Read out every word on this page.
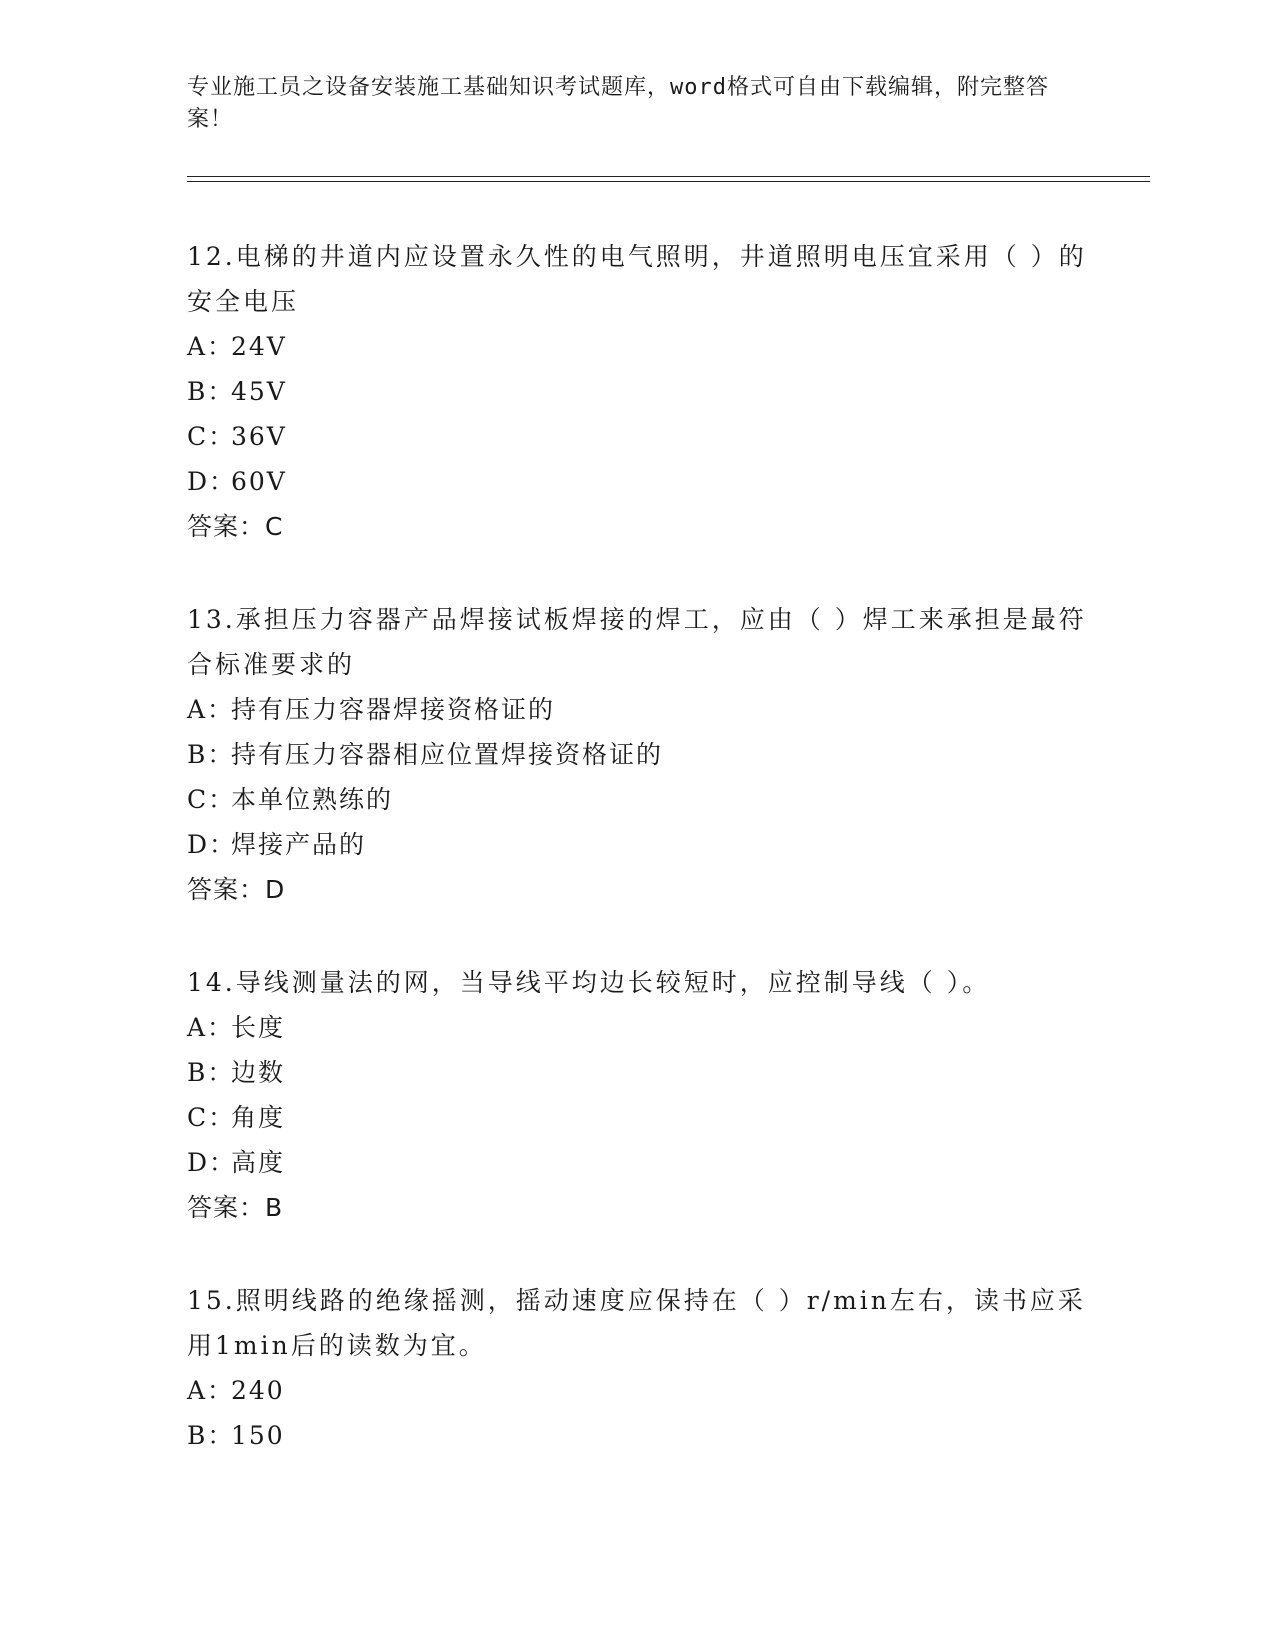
专业施工员之设备安装施工基础知识考试题库，word格式可自由下载编辑，附完整答案！

12.电梯的井道内应设置永久性的电气照明，井道照明电压宜采用（ ）的安全电压

A：
24V
B：
45V
C：
36V
D：
60V
答案：C

13.承担压力容器产品焊接试板焊接的焊工，应由（ ）焊工来承担是最符合标准要求的

A：
持有压力容器焊接资格证的
B：
持有压力容器相应位置焊接资格证的
C：
本单位熟练的
D：
焊接产品的
答案：D

14.导线测量法的网，当导线平均边长较短时，应控制导线（ ）。

A：
长度
B：
边数
C：
角度
D：
高度
答案：B

15.照明线路的绝缘摇测，摇动速度应保持在（ ）r/min左右，读书应采用1min后的读数为宜。

A：
240
B：
150
